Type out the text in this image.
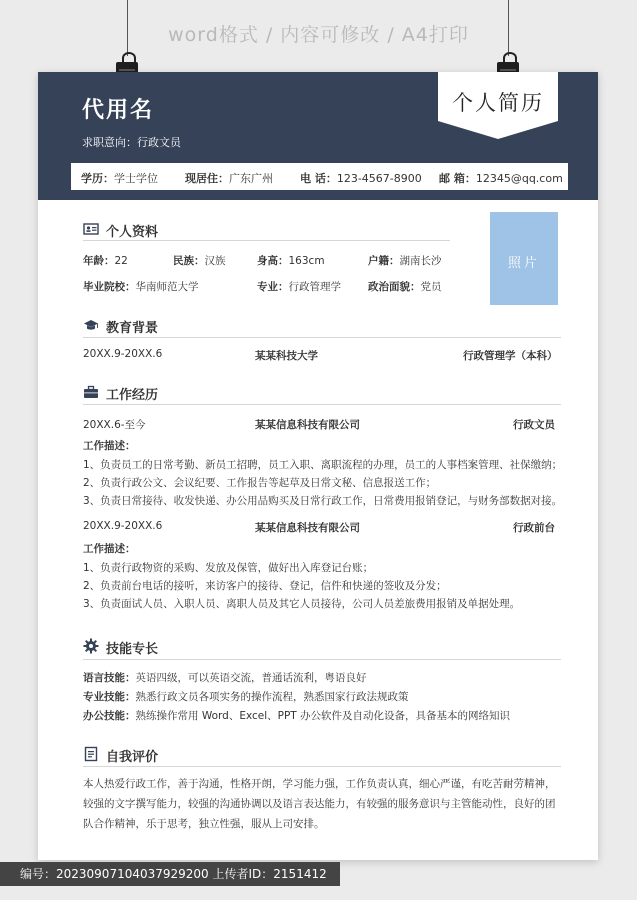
word格式 / 内容可修改 / A4打印
代用名
求职意向：行政文员
个人简历
学历：学士学位 现居住：广东广州 电 话：123-4567-8900 邮 箱：12345@qq.com
个人资料
年龄：22	民族：汉族	身高：163cm	户籍：湖南长沙
毕业院校：华南师范大学	专业：行政管理学	政治面貌：党员
照片
教育背景
20XX.9-20XX.6	某某科技大学	行政管理学（本科）
工作经历
20XX.6-至今	某某信息科技有限公司	行政文员
工作描述：
1、负责员工的日常考勤、新员工招聘，员工入职、离职流程的办理，员工的人事档案管理、社保缴纳；
2、负责行政公文、会议纪要、工作报告等起草及日常文秘、信息报送工作；
3、负责日常接待、收发快递、办公用品购买及日常行政工作，日常费用报销登记，与财务部数据对接。
20XX.9-20XX.6	某某信息科技有限公司	行政前台
工作描述：
1、负责行政物资的采购、发放及保管，做好出入库登记台账；
2、负责前台电话的接听，来访客户的接待、登记，信件和快递的签收及分发；
3、负责面试人员、入职人员、离职人员及其它人员接待，公司人员差旅费用报销及单据处理。
技能专长
语言技能：英语四级，可以英语交流，普通话流利，粤语良好
专业技能：熟悉行政文员各项实务的操作流程，熟悉国家行政法规政策
办公技能：熟练操作常用 Word、Excel、PPT 办公软件及自动化设备，具备基本的网络知识
自我评价
本人热爱行政工作，善于沟通，性格开朗，学习能力强，工作负责认真，细心严谨，有吃苦耐劳精神，较强的文字撰写能力，较强的沟通协调以及语言表达能力，有较强的服务意识与主管能动性，良好的团队合作精神，乐于思考，独立性强，服从上司安排。
编号：20230907104037929200 上传者ID：2151412
